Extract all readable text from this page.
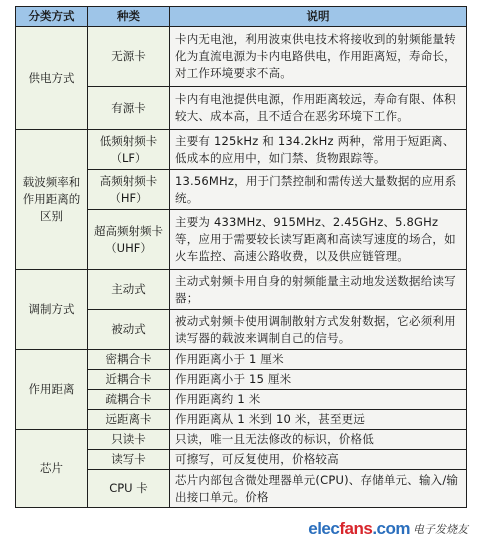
分类方式	种类	说明
供电方式	无源卡	卡内无电池，利用波束供电技术将接收到的射频能量转化为直流电源为卡内电路供电，作用距离短，寿命长，对工作环境要求不高。
	有源卡	卡内有电池提供电源，作用距离较远，寿命有限、体积较大、成本高，且不适合在恶劣环境下工作。
载波频率和作用距离的区别	低频射频卡（LF）	主要有 125kHz 和 134.2kHz 两种，常用于短距离、低成本的应用中，如门禁、货物跟踪等。
	高频射频卡（HF）	13.56MHz，用于门禁控制和需传送大量数据的应用系统。
	超高频射频卡（UHF）	主要为 433MHz、915MHz、2.45GHz、5.8GHz 等，应用于需要较长读写距离和高读写速度的场合，如火车监控、高速公路收费，以及供应链管理。
调制方式	主动式	主动式射频卡用自身的射频能量主动地发送数据给读写器；
	被动式	被动式射频卡使用调制散射方式发射数据，它必须利用读写器的载波来调制自己的信号。
作用距离	密耦合卡	作用距离小于 1 厘米
	近耦合卡	作用距离小于 15 厘米
	疏耦合卡	作用距离约 1 米
	远距离卡	作用距离从 1 米到 10 米，甚至更远
芯片	只读卡	只读，唯一且无法修改的标识，价格低
	读写卡	可擦写，可反复使用，价格较高
	CPU 卡	芯片内部包含微处理器单元(CPU)、存储单元、输入/输出接口单元。价格
elecfans.com 电子发烧友
